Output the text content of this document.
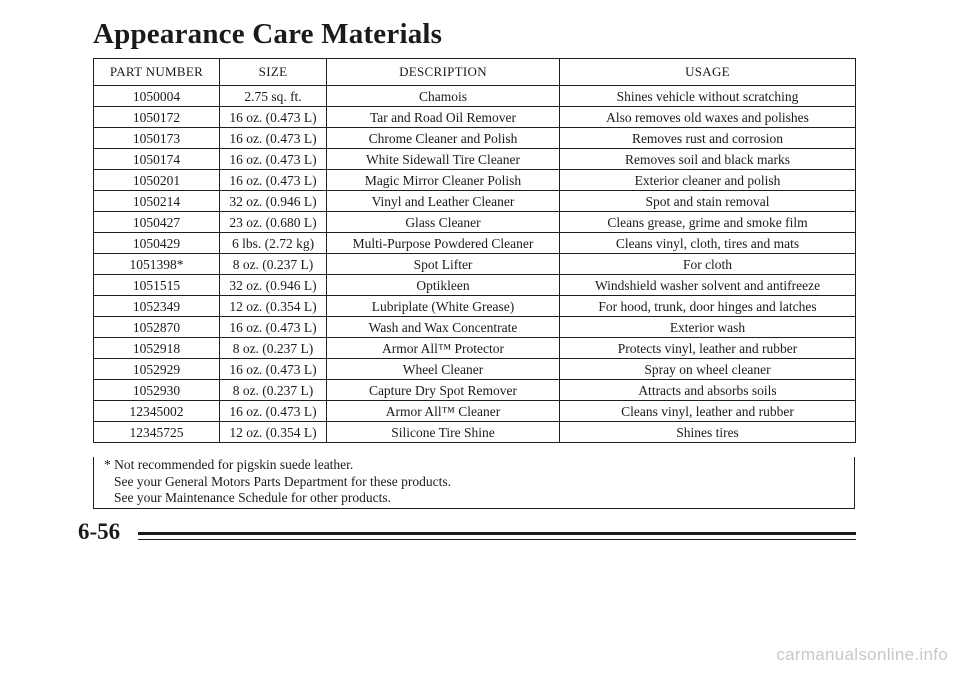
Appearance Care Materials
PART NUMBER	SIZE	DESCRIPTION	USAGE
1050004	2.75 sq. ft.	Chamois	Shines vehicle without scratching
1050172	16 oz. (0.473 L)	Tar and Road Oil Remover	Also removes old waxes and polishes
1050173	16 oz. (0.473 L)	Chrome Cleaner and Polish	Removes rust and corrosion
1050174	16 oz. (0.473 L)	White Sidewall Tire Cleaner	Removes soil and black marks
1050201	16 oz. (0.473 L)	Magic Mirror Cleaner Polish	Exterior cleaner and polish
1050214	32 oz. (0.946 L)	Vinyl and Leather Cleaner	Spot and stain removal
1050427	23 oz. (0.680 L)	Glass Cleaner	Cleans grease, grime and smoke film
1050429	6 lbs. (2.72 kg)	Multi-Purpose Powdered Cleaner	Cleans vinyl, cloth, tires and mats
1051398*	8 oz. (0.237 L)	Spot Lifter	For cloth
1051515	32 oz. (0.946 L)	Optikleen	Windshield washer solvent and antifreeze
1052349	12 oz. (0.354 L)	Lubriplate (White Grease)	For hood, trunk, door hinges and latches
1052870	16 oz. (0.473 L)	Wash and Wax Concentrate	Exterior wash
1052918	8 oz. (0.237 L)	Armor All™ Protector	Protects vinyl, leather and rubber
1052929	16 oz. (0.473 L)	Wheel Cleaner	Spray on wheel cleaner
1052930	8 oz. (0.237 L)	Capture Dry Spot Remover	Attracts and absorbs soils
12345002	16 oz. (0.473 L)	Armor All™ Cleaner	Cleans vinyl, leather and rubber
12345725	12 oz. (0.354 L)	Silicone Tire Shine	Shines tires
* Not recommended for pigskin suede leather.
See your General Motors Parts Department for these products.
See your Maintenance Schedule for other products.
6-56
carmanualsonline.info
